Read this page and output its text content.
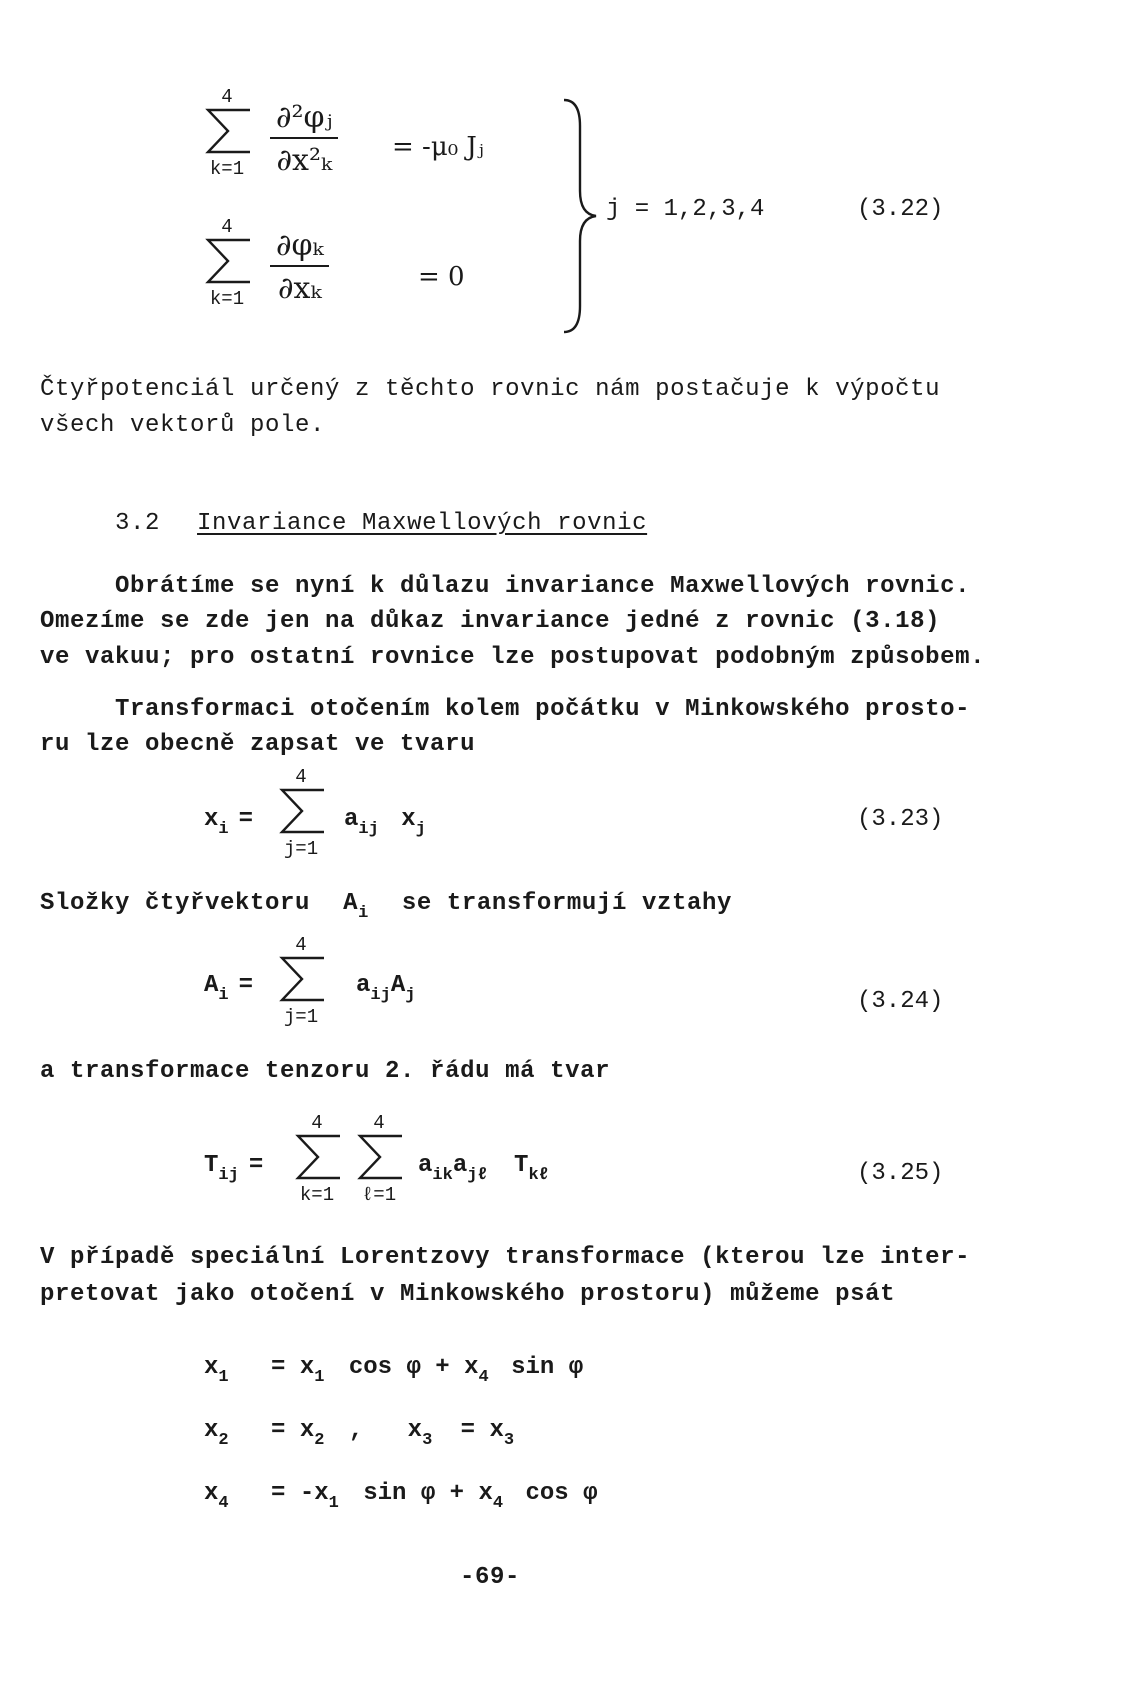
4
$k=1 \frac{\text{∂²φⱼ}}{\text{∂x²ₖ}} = -\mu_0$ Jⱼ
4
$k=1 \frac{\text{∂φₖ}}{\text{∂xₖ}}$	= 0
j = 1,2,3,4	(3.22)
Čtyřpotenciál určený z těchto rovnic nám postačuje k výpočtu
všech vektorů pole.
3.2 Invariance Maxwellových rovnic
Obrátíme se nyní k důlazu invariance Maxwellových rovnic.
Omezíme se zde jen na důkaz invariance jedné z rovnic (3.18)
ve vakuu; pro ostatní rovnice lze postupovat podobným způsobem.
Transformaci otočením kolem počátku v Minkowského prosto-
ru lze obecně zapsat ve tvaru
$x_i$ =
4
j=1
$a_{ij}$ $x_j$	(3.23)
Složky čtyřvektoru $A_i$ se transformují vztahy
$A_i$ =
4
j=1
$a_{ij}A_j$	(3.24)
a transformace tenzoru 2. řádu má tvar
$T_{ij}$ =
4
k=1
4
ℓ=1
$a_{ik}a_{j\ell}$ $T_{k\ell}$	(3.25)
V případě speciální Lorentzovy transformace (kterou lze inter-
pretovat jako otočení v Minkowského prostoru) můžeme psát
$x_1 = x_1$ $\cos \varphi + x_4$ sin φ
$x_2 = x_2$ , $x_3 = x_3$
$x_4 = -x_1$ $\sin \varphi + x_4$ cos φ
-69-
